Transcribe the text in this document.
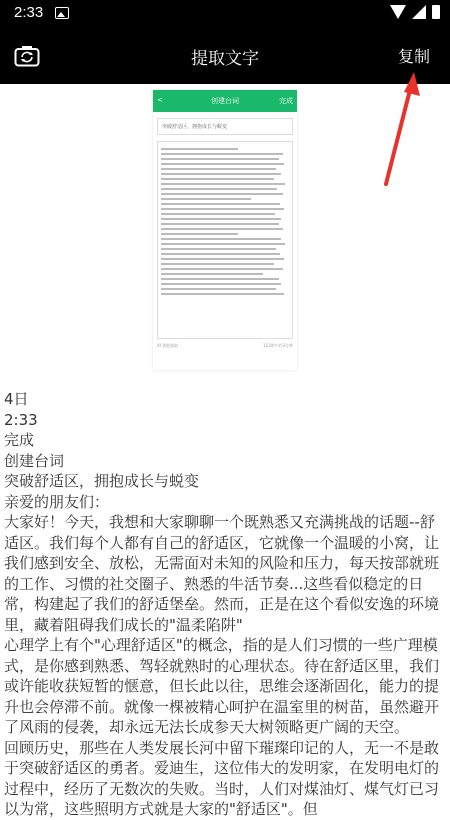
2:33
提取文字	复制
<	创建台词	完成
突破舒适区，拥抱成长与蜕变
AI 智能提取	1234字·约3分钟
4日
2:33
完成
创建台词
突破舒适区，拥抱成长与蜕变
亲爱的朋友们：
大家好！今天，我想和大家聊聊一个既熟悉又充满挑战的话题--舒适区。我们每个人都有自己的舒适区，它就像一个温暖的小窝，让我们感到安全、放松，无需面对未知的风险和压力，每天按部就班的工作、习惯的社交圈子、熟悉的牛活节奏...这些看似稳定的日常，构建起了我们的舒适堡垒。然而，正是在这个看似安逸的环境里，藏着阻碍我们成长的"温柔陷阱"
心理学上有个"心理舒适区"的概念，指的是人们习惯的一些广理模式，是你感到熟悉、驾轻就熟时的心理状态。待在舒适区里，我们或许能收获短暂的惬意，但长此以往，思维会逐渐固化，能力的提升也会停滞不前。就像一棵被精心呵护在温室里的树苗，虽然避开了风雨的侵袭，却永远无法长成参天大树领略更广阔的天空。
回顾历史，那些在人类发展长河中留下璀璨印记的人，无一不是敢于突破舒适区的勇者。爱迪生，这位伟大的发明家，在发明电灯的过程中，经历了无数次的失败。当时，人们对煤油灯、煤气灯已习以为常，这些照明方式就是大家的"舒适区"。但
